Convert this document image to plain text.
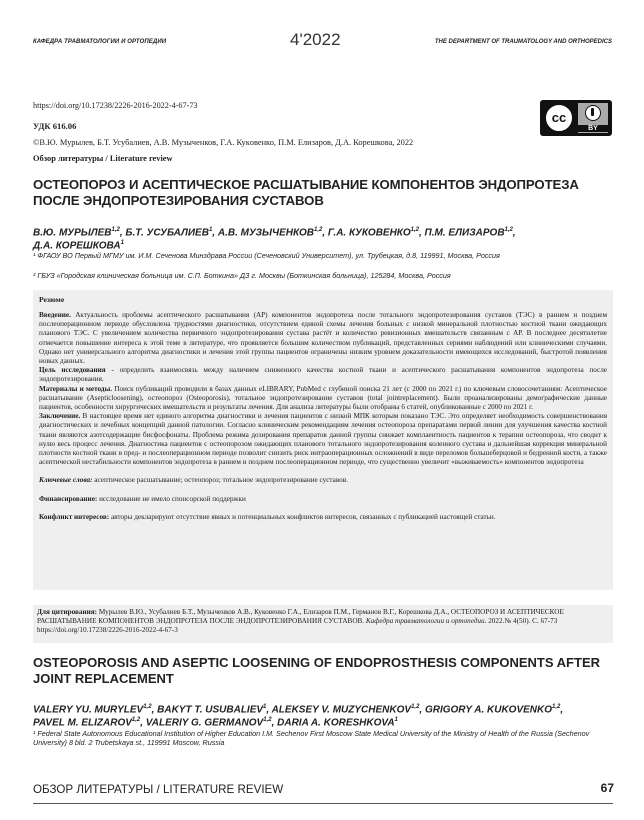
КАФЕДРА ТРАВМАТОЛОГИИ И ОРТОПЕДИИ	4'2022	THE DEPARTMENT OF TRAUMATOLOGY AND ORTHOPEDICS
https://doi.org/10.17238/2226-2016-2022-4-67-73
УДК 616.06
©В.Ю. Мурылев, Б.Т. Усубалиев, А.В. Музыченков, Г.А. Кукoвенко, П.М. Елизаров, Д.А. Корешкова, 2022
Обзор литературы / Literature review
cc
BY
ОСТЕОПОРОЗ И АСЕПТИЧЕСКОЕ РАСШАТЫВАНИЕ КОМПОНЕНТОВ ЭНДОПРОТЕЗА ПОСЛЕ ЭНДОПРОТЕЗИРОВАНИЯ СУСТАВОВ
В.Ю. МУРЫЛЕВ$^{1,2}$, Б.Т. УСУБАЛИЕВ$^1$, А.В. МУЗЫЧЕНКОВ$^{1,2}$, Г.А. КУКОВЕНКО$^{1,2}$, П.М. ЕЛИЗАРОВ$^{1,2}$,
Д.А. КОРЕШКОВА$^1$
¹ ФГАОУ ВО Первый МГМУ им. И.М. Сеченова Минздрава России (Сеченовский Университет), ул. Трубецкая, д.8, 119991, Москва, Россия
² ГБУЗ «Городская клиническая больница им. С.П. Боткина» ДЗ г. Москвы (Боткинская больница), 125284, Москва, Россия
Резюме

Введение. Актуальность проблемы асептического расшатывания (АР) компонентов эндопротеза после тотального эндопротезирования суставов (ТЭС) в раннем и позднем послеоперационном периоде обусловлена трудностями диагностики, отсутствием единой схемы лечения больных с низкой минеральной плотностью костной ткани ожидающих планового ТЭС. С увеличением количества первичного эндопротезирования сустава растёт и количество ревизионных вмешательств связанным с АР. В последнее десятилетие отмечается повышение интереса к этой теме в литературе, что проявляется большим количеством публикаций, представленных сериями наблюдений или клиническими случаями. Однако нет универсального алгоритма диагностики и лечения этой группы пациентов ограничены низким уровнем доказательности имеющихся исследований, быстротой появления новых данных.

Цель исследования - определить взаимосвязь между наличием сниженного качества костной ткани и асептического расшатывания компонентов эндопротеза после эндопротезирования.

Материалы и методы. Поиск публикаций проводили в базах данных eLIBRARY, PubMed с глубиной поиска 21 лет (с 2000 по 2021 г.) по ключевым словосочетаниям: Асептическое расшатывание (Asepticloosening), остеопороз (Osteoporosis), тотальное эндопротезирование суставов (total jointreplacement). Были проанализированы демографические данные пациентов, особенности хирургических вмешательств и результаты лечения. Для анализа литературы были отобраны 6 статей, опубликованные с 2000 по 2021 г.

Заключение. В настоящее время нет единого алгоритма диагностики и лечения пациентов с низкой МПК которым показано ТЭС. Это определяет необходимость совершенствования диагностических и лечебных концепций данной патологии. Согласно клиническим рекомендациям лечения остеопороза препаратами первой линии для улучшения качества костной ткани являются азотсодержащие бисфосфонаты. Проблема режима дозирования препаратов данной группы снижает комплаентность пациентов к терапии остеопороза, что сводит к нулю весь процесс лечения. Диагностика пациентов с остеопорозом ожидающих планового тотального эндопротезирования коленного сустава и дальнейшая коррекция минеральной плотности костной ткани в пред- и послеоперационном периоде позволит снизить риск интраоперационных осложнений в виде переломов большеберцовой и бедренной кости, а также асептической нестабильности компонентов эндопротеза в раннем и позднем послеоперационном периоде, что существенно увеличит «выживаемость» компонентов эндопротеза

Ключевые слова: асептическое расшатывание; остеопороз; тотальное эндопротезирование суставов.

Финансирование: исследование не имело спонсорской поддержки

Конфликт интересов: авторы декларируют отсутствие явных и потенциальных конфликтов интересов, связанных с публикацией настоящей статьи.

Для цитирования: Мурылев В.Ю., Усубалиев Б.Т., Музыченков А.В., Куковенко Г.А., Елизаров П.М., Германов В.Г., Корешкова Д.А., ОСТЕОПОРОЗ И АСЕПТИЧЕСКОЕ РАСШАТЫВАНИЕ КОМПОНЕНТОВ ЭНДОПРОТЕЗА ПОСЛЕ ЭНДОПРОТЕЗИРОВАНИЯ СУСТАВОВ. Кафедра травматологии и ортопедии. 2022.№ 4(50). С. 67-73 https://doi.org/10.17238/2226-2016-2022-4-67-3

OSTEOPOROSIS AND ASEPTIC LOOSENING OF ENDOPROSTHESIS COMPONENTS AFTER JOINT REPLACEMENT
VALERY YU. MURYLEV$^{1,2}$, BAKYT T. USUBALIEV$^1$, ALEKSEY V. MUZYCHENKOV$^{1,2}$, GRIGORY A. KUKOVENKO$^{1,2}$,
PAVEL M. ELIZAROV$^{1,2}$, VALERIY G. GERMANOV$^{1,2}$, DARIA A. KORESHKOVA$^1$
¹ Federal State Autonomous Educational Institution of Higher Education I.M. Sechenov First Moscow State Medical University of the Ministry of Health of the Russia (Sechenov University) 8 bld. 2 Trubetskaya st., 119991 Moscow, Russia
ОБЗОР ЛИТЕРАТУРЫ / LITERATURE REVIEW	67
